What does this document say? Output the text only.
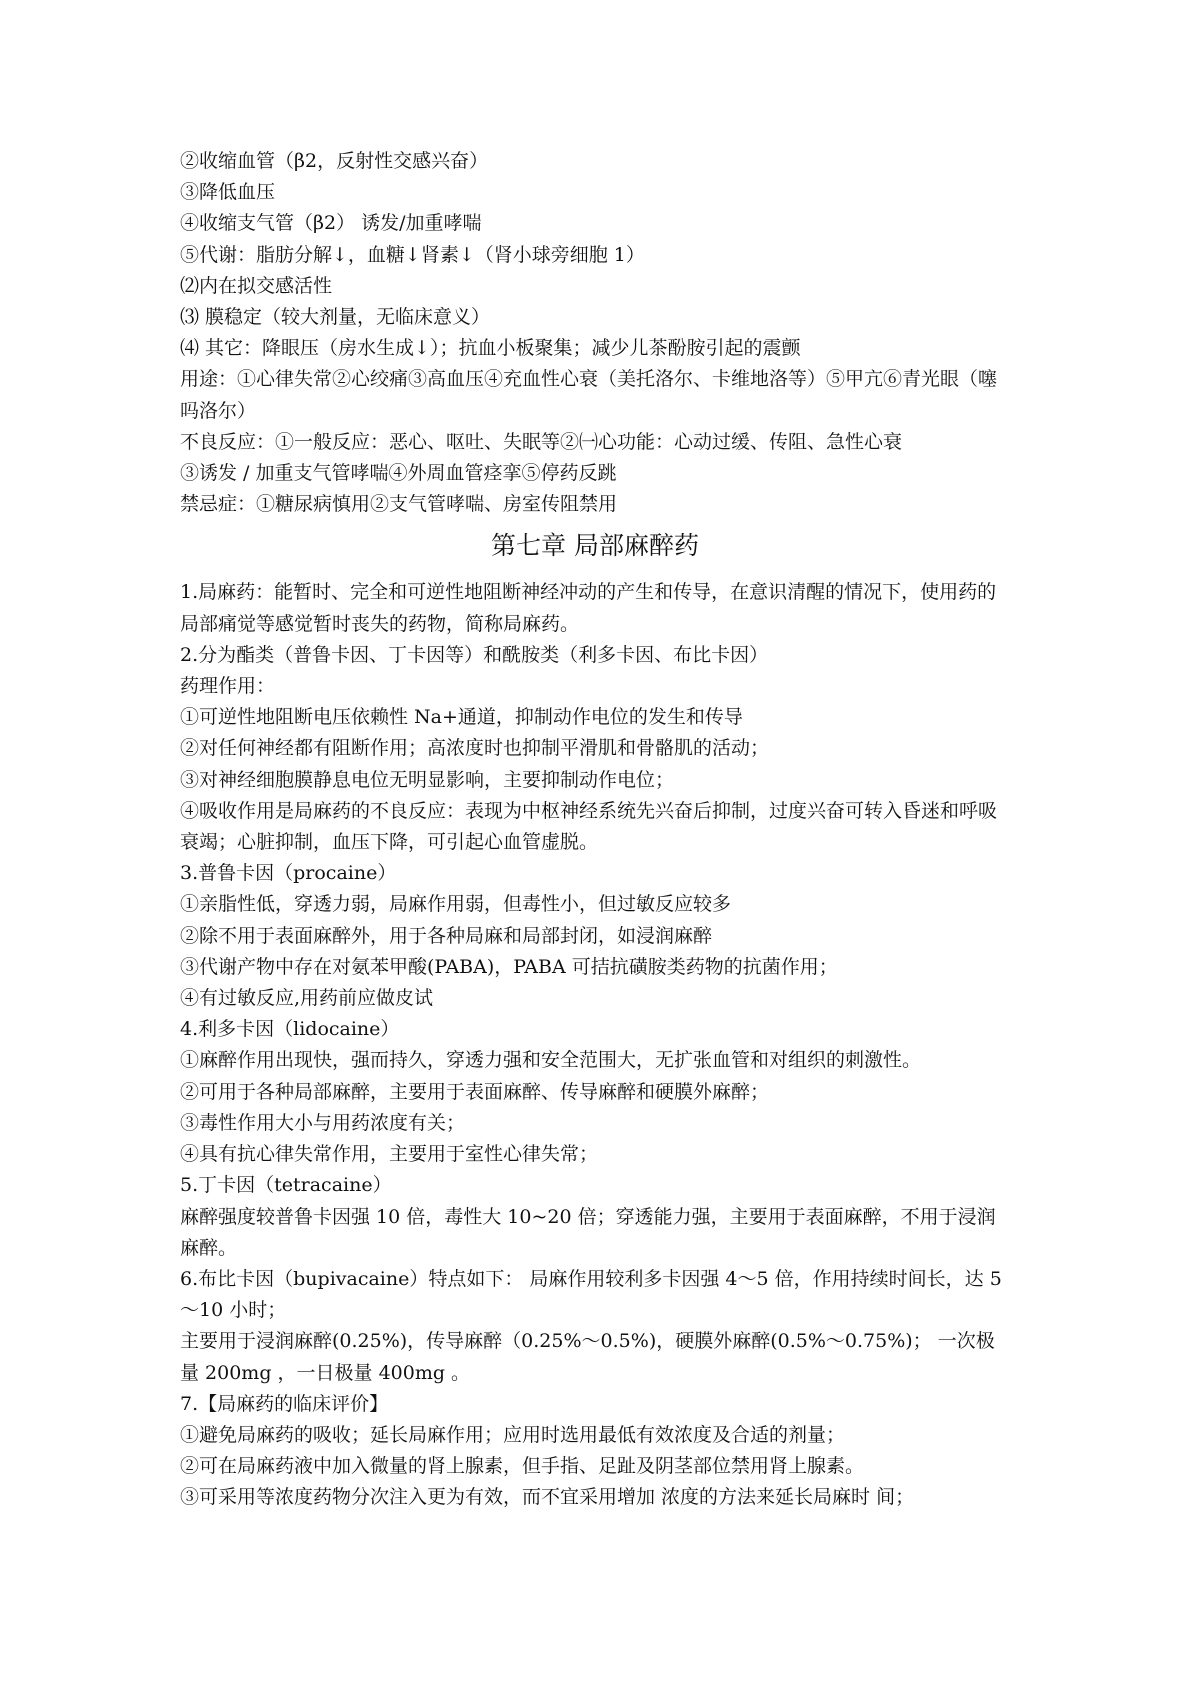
②收缩血管（β2，反射性交感兴奋）
③降低血压
④收缩支气管（β2） 诱发/加重哮喘
⑤代谢：脂肪分解↓，血糖↓肾素↓（肾小球旁细胞 1）
⑵内在拟交感活性
⑶ 膜稳定（较大剂量，无临床意义）
⑷ 其它：降眼压（房水生成↓）；抗血小板聚集；减少儿茶酚胺引起的震颤
用途：①心律失常②心绞痛③高血压④充血性心衰（美托洛尔、卡维地洛等）⑤甲亢⑥青光眼（噻吗洛尔）
不良反应：①一般反应：恶心、呕吐、失眠等②㈠心功能：心动过缓、传阻、急性心衰
③诱发 / 加重支气管哮喘④外周血管痉挛⑤停药反跳
禁忌症：①糖尿病慎用②支气管哮喘、房室传阻禁用
第七章 局部麻醉药
1.局麻药：能暂时、完全和可逆性地阻断神经冲动的产生和传导，在意识清醒的情况下，使用药的局部痛觉等感觉暂时丧失的药物，简称局麻药。
2.分为酯类（普鲁卡因、丁卡因等）和酰胺类（利多卡因、布比卡因）
药理作用：
①可逆性地阻断电压依赖性 Na+通道，抑制动作电位的发生和传导
②对任何神经都有阻断作用；高浓度时也抑制平滑肌和骨骼肌的活动；
③对神经细胞膜静息电位无明显影响，主要抑制动作电位；
④吸收作用是局麻药的不良反应：表现为中枢神经系统先兴奋后抑制，过度兴奋可转入昏迷和呼吸衰竭；心脏抑制，血压下降，可引起心血管虚脱。
3.普鲁卡因（procaine）
①亲脂性低，穿透力弱，局麻作用弱，但毒性小，但过敏反应较多
②除不用于表面麻醉外，用于各种局麻和局部封闭，如浸润麻醉
③代谢产物中存在对氨苯甲酸(PABA)，PABA 可拮抗磺胺类药物的抗菌作用；
④有过敏反应,用药前应做皮试
4.利多卡因（lidocaine）
①麻醉作用出现快，强而持久，穿透力强和安全范围大，无扩张血管和对组织的刺激性。
②可用于各种局部麻醉，主要用于表面麻醉、传导麻醉和硬膜外麻醉；
③毒性作用大小与用药浓度有关；
④具有抗心律失常作用，主要用于室性心律失常；
5.丁卡因（tetracaine）
麻醉强度较普鲁卡因强 10 倍，毒性大 10~20 倍；穿透能力强，主要用于表面麻醉，不用于浸润麻醉。
6.布比卡因（bupivacaine）特点如下： 局麻作用较利多卡因强 4～5 倍，作用持续时间长，达 5～10 小时；
主要用于浸润麻醉(0.25%)，传导麻醉（0.25%～0.5%)，硬膜外麻醉(0.5%～0.75%)； 一次极量 200mg ，一日极量 400mg 。
7.【局麻药的临床评价】
①避免局麻药的吸收；延长局麻作用；应用时选用最低有效浓度及合适的剂量；
②可在局麻药液中加入微量的肾上腺素，但手指、足趾及阴茎部位禁用肾上腺素。
③可采用等浓度药物分次注入更为有效，而不宜采用增加 浓度的方法来延长局麻时 间；
